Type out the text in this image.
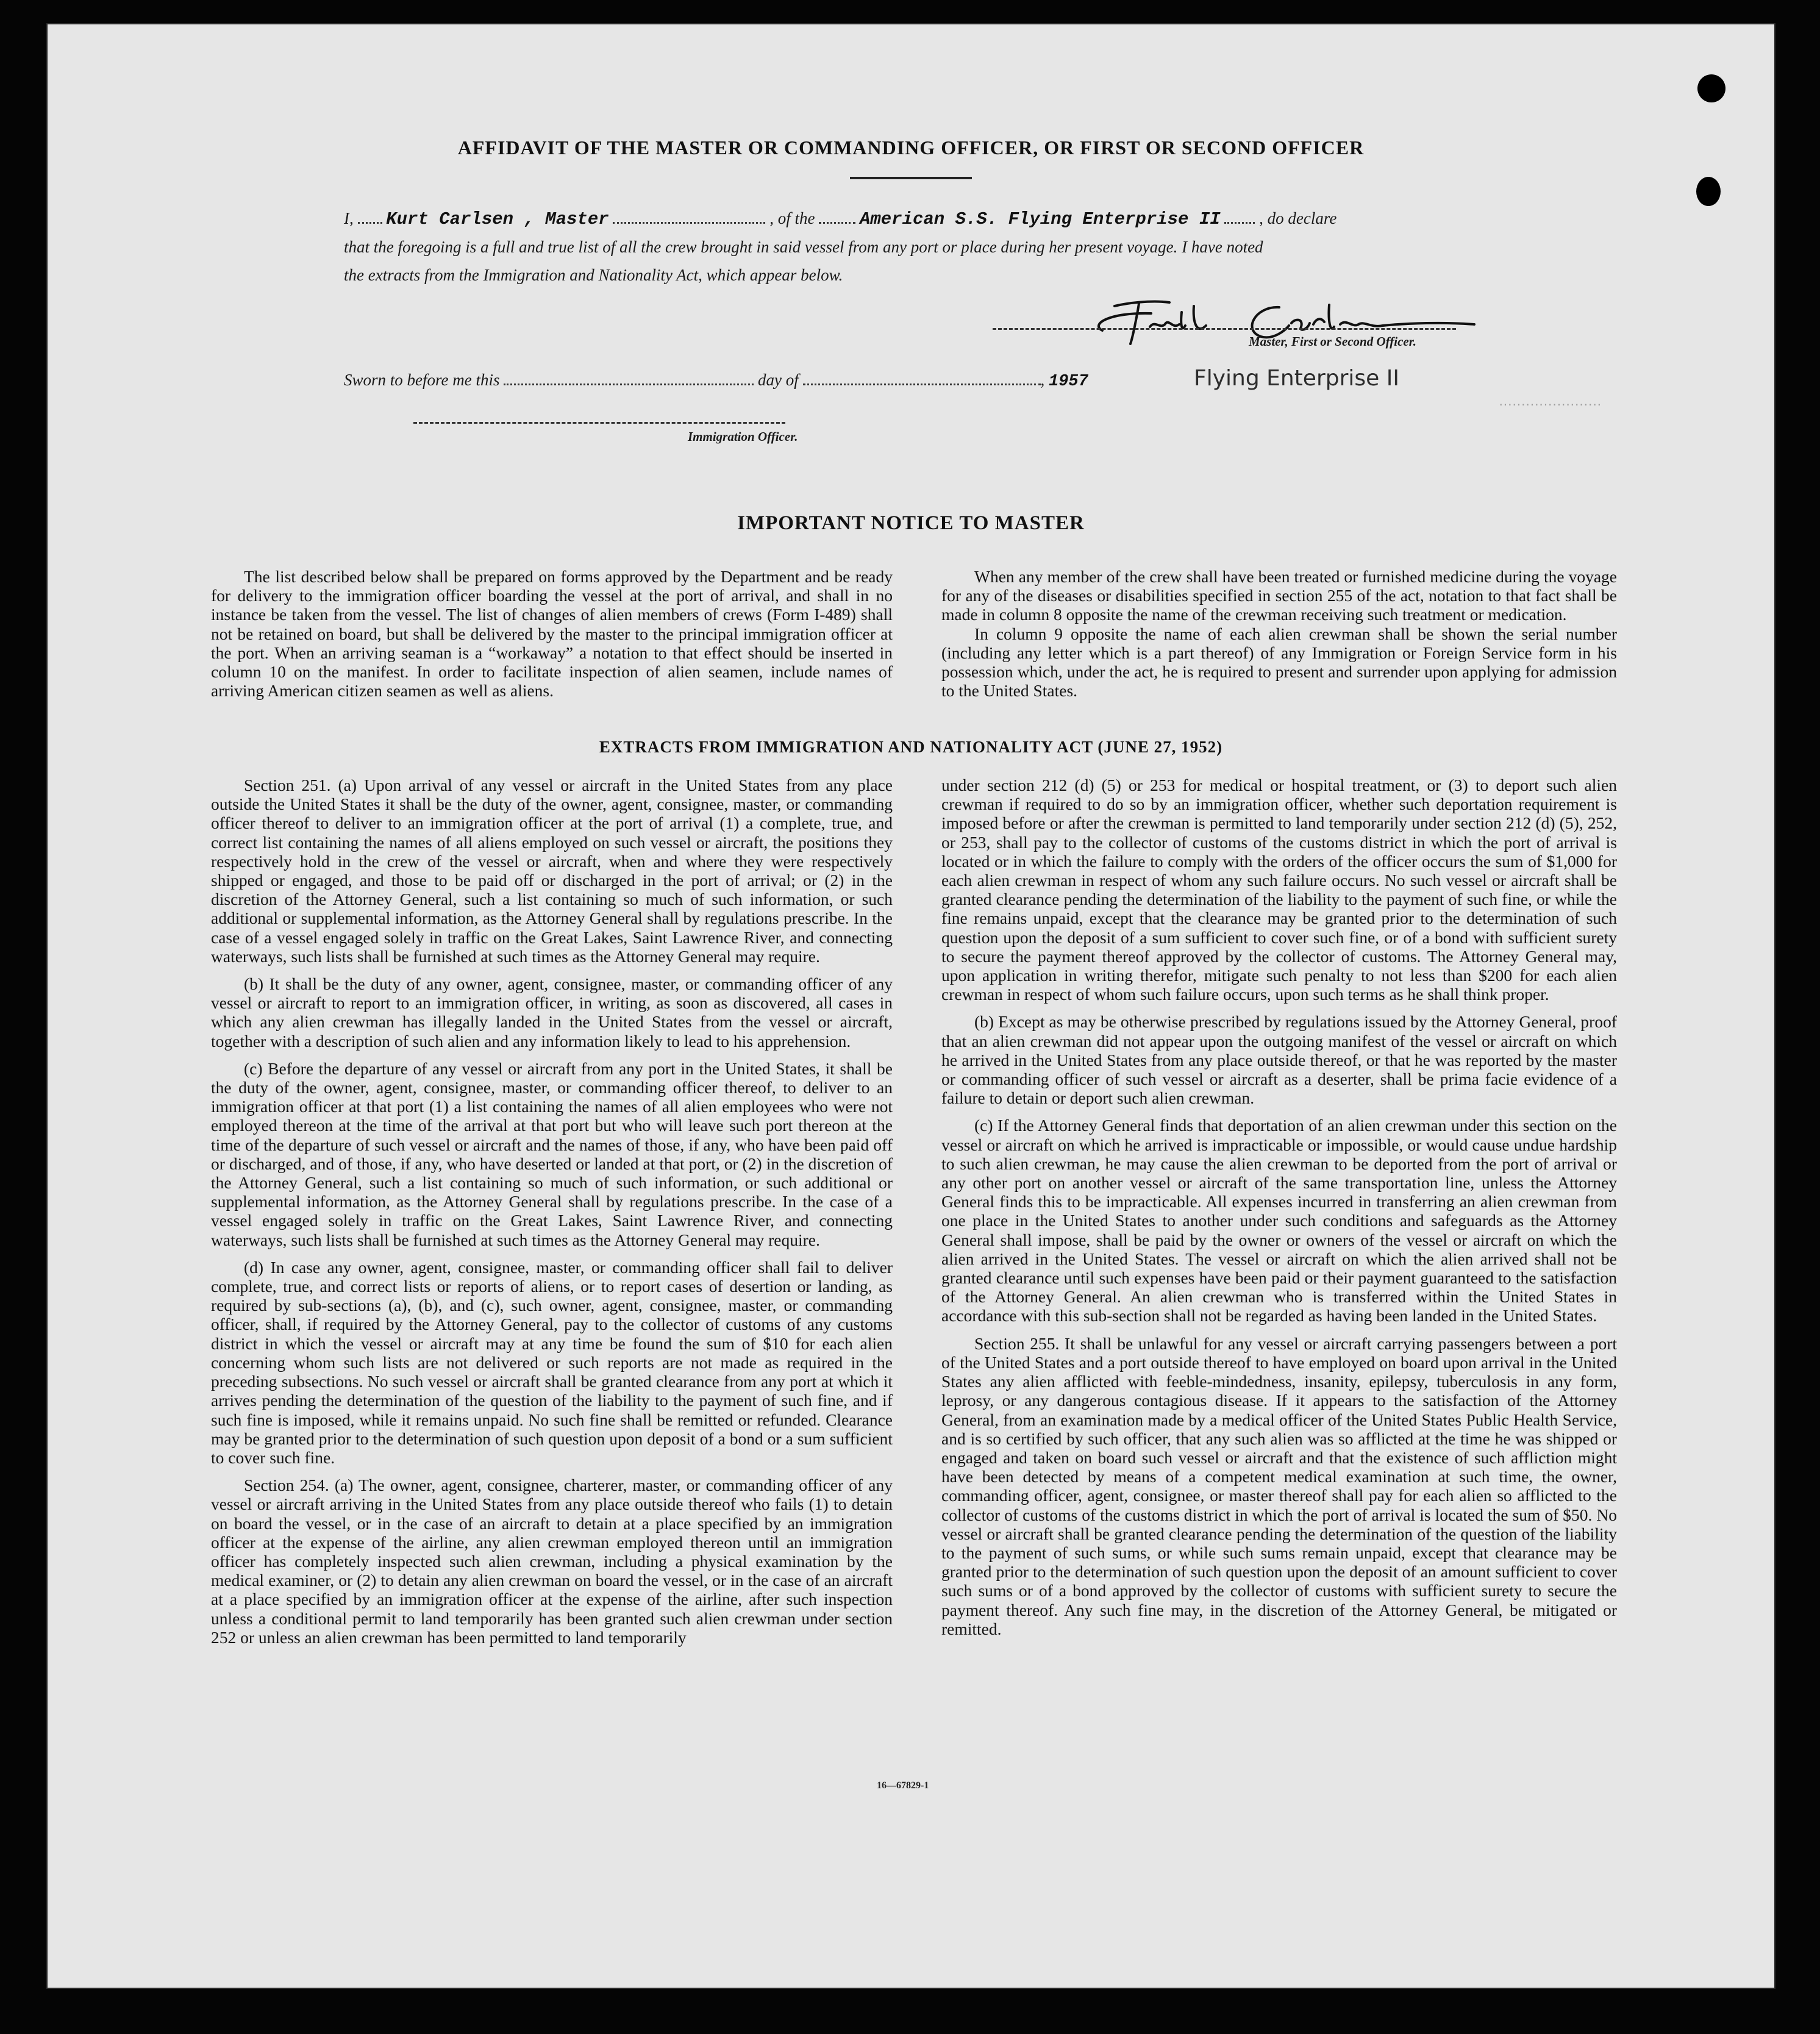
AFFIDAVIT OF THE MASTER OR COMMANDING OFFICER, OR FIRST OR SECOND OFFICER
I, Kurt Carlsen , Master	, of the	American S.S. Flying Enterprise II , do declare
that the foregoing is a full and true list of all the crew brought in said vessel from any port or place during her present voyage. I have noted
the extracts from the Immigration and Nationality Act, which appear below.
Master, First or Second Officer.
Sworn to before me this	day of	, 1957	Flying Enterprise II
Immigration Officer.
·······················
IMPORTANT NOTICE TO MASTER

The list described below shall be prepared on forms approved by the Department and be ready for delivery to the immigration officer boarding the vessel at the port of arrival, and shall in no instance be taken from the vessel. The list of changes of alien members of crews (Form I-489) shall not be retained on board, but shall be delivered by the master to the principal immigration officer at the port. When an arriving seaman is a “workaway” a notation to that effect should be inserted in column 10 on the manifest. In order to facilitate inspection of alien seamen, include names of arriving American citizen seamen as well as aliens.

When any member of the crew shall have been treated or furnished medicine during the voyage for any of the diseases or disabilities specified in section 255 of the act, notation to that fact shall be made in column 8 opposite the name of the crewman receiving such treatment or medication.

In column 9 opposite the name of each alien crewman shall be shown the serial number (including any letter which is a part thereof) of any Immigration or Foreign Service form in his possession which, under the act, he is required to present and surrender upon applying for admission to the United States.

EXTRACTS FROM IMMIGRATION AND NATIONALITY ACT (JUNE 27, 1952)

Section 251. (a) Upon arrival of any vessel or aircraft in the United States from any place outside the United States it shall be the duty of the owner, agent, consignee, master, or commanding officer thereof to deliver to an immigration officer at the port of arrival (1) a complete, true, and correct list containing the names of all aliens employed on such vessel or aircraft, the positions they respectively hold in the crew of the vessel or aircraft, when and where they were respectively shipped or engaged, and those to be paid off or discharged in the port of arrival; or (2) in the discretion of the Attorney General, such a list containing so much of such information, or such additional or supplemental information, as the Attorney General shall by regulations prescribe. In the case of a vessel engaged solely in traffic on the Great Lakes, Saint Lawrence River, and connecting waterways, such lists shall be furnished at such times as the Attorney General may require.

(b) It shall be the duty of any owner, agent, consignee, master, or commanding officer of any vessel or aircraft to report to an immigration officer, in writing, as soon as discovered, all cases in which any alien crewman has illegally landed in the United States from the vessel or aircraft, together with a description of such alien and any information likely to lead to his apprehension.

(c) Before the departure of any vessel or aircraft from any port in the United States, it shall be the duty of the owner, agent, consignee, master, or commanding officer thereof, to deliver to an immigration officer at that port (1) a list containing the names of all alien employees who were not employed thereon at the time of the arrival at that port but who will leave such port thereon at the time of the departure of such vessel or aircraft and the names of those, if any, who have been paid off or discharged, and of those, if any, who have deserted or landed at that port, or (2) in the discretion of the Attorney General, such a list containing so much of such information, or such additional or supplemental information, as the Attorney General shall by regulations prescribe. In the case of a vessel engaged solely in traffic on the Great Lakes, Saint Lawrence River, and connecting waterways, such lists shall be furnished at such times as the Attorney General may require.

(d) In case any owner, agent, consignee, master, or commanding officer shall fail to deliver complete, true, and correct lists or reports of aliens, or to report cases of desertion or landing, as required by sub-sections (a), (b), and (c), such owner, agent, consignee, master, or commanding officer, shall, if required by the Attorney General, pay to the collector of customs of any customs district in which the vessel or aircraft may at any time be found the sum of $10 for each alien concerning whom such lists are not delivered or such reports are not made as required in the preceding subsections. No such vessel or aircraft shall be granted clearance from any port at which it arrives pending the determination of the question of the liability to the payment of such fine, and if such fine is imposed, while it remains unpaid. No such fine shall be remitted or refunded. Clearance may be granted prior to the determination of such question upon deposit of a bond or a sum sufficient to cover such fine.

Section 254. (a) The owner, agent, consignee, charterer, master, or commanding officer of any vessel or aircraft arriving in the United States from any place outside thereof who fails (1) to detain on board the vessel, or in the case of an aircraft to detain at a place specified by an immigration officer at the expense of the airline, any alien crewman employed thereon until an immigration officer has completely inspected such alien crewman, including a physical examination by the medical examiner, or (2) to detain any alien crewman on board the vessel, or in the case of an aircraft at a place specified by an immigration officer at the expense of the airline, after such inspection unless a conditional permit to land temporarily has been granted such alien crewman under section 252 or unless an alien crewman has been permitted to land temporarily

under section 212 (d) (5) or 253 for medical or hospital treatment, or (3) to deport such alien crewman if required to do so by an immigration officer, whether such deportation requirement is imposed before or after the crewman is permitted to land temporarily under section 212 (d) (5), 252, or 253, shall pay to the collector of customs of the customs district in which the port of arrival is located or in which the failure to comply with the orders of the officer occurs the sum of $1,000 for each alien crewman in respect of whom any such failure occurs. No such vessel or aircraft shall be granted clearance pending the determination of the liability to the payment of such fine, or while the fine remains unpaid, except that the clearance may be granted prior to the determination of such question upon the deposit of a sum sufficient to cover such fine, or of a bond with sufficient surety to secure the payment thereof approved by the collector of customs. The Attorney General may, upon application in writing therefor, mitigate such penalty to not less than $200 for each alien crewman in respect of whom such failure occurs, upon such terms as he shall think proper.

(b) Except as may be otherwise prescribed by regulations issued by the Attorney General, proof that an alien crewman did not appear upon the outgoing manifest of the vessel or aircraft on which he arrived in the United States from any place outside thereof, or that he was reported by the master or commanding officer of such vessel or aircraft as a deserter, shall be prima facie evidence of a failure to detain or deport such alien crewman.

(c) If the Attorney General finds that deportation of an alien crewman under this section on the vessel or aircraft on which he arrived is impracticable or impossible, or would cause undue hardship to such alien crewman, he may cause the alien crewman to be deported from the port of arrival or any other port on another vessel or aircraft of the same transportation line, unless the Attorney General finds this to be impracticable. All expenses incurred in transferring an alien crewman from one place in the United States to another under such conditions and safeguards as the Attorney General shall impose, shall be paid by the owner or owners of the vessel or aircraft on which the alien arrived in the United States. The vessel or aircraft on which the alien arrived shall not be granted clearance until such expenses have been paid or their payment guaranteed to the satisfaction of the Attorney General. An alien crewman who is transferred within the United States in accordance with this sub-section shall not be regarded as having been landed in the United States.

Section 255. It shall be unlawful for any vessel or aircraft carrying passengers between a port of the United States and a port outside thereof to have employed on board upon arrival in the United States any alien afflicted with feeble-mindedness, insanity, epilepsy, tuberculosis in any form, leprosy, or any dangerous contagious disease. If it appears to the satisfaction of the Attorney General, from an examination made by a medical officer of the United States Public Health Service, and is so certified by such officer, that any such alien was so afflicted at the time he was shipped or engaged and taken on board such vessel or aircraft and that the existence of such affliction might have been detected by means of a competent medical examination at such time, the owner, commanding officer, agent, consignee, or master thereof shall pay for each alien so afflicted to the collector of customs of the customs district in which the port of arrival is located the sum of $50. No vessel or aircraft shall be granted clearance pending the determination of the question of the liability to the payment of such sums, or while such sums remain unpaid, except that clearance may be granted prior to the determination of such question upon the deposit of an amount sufficient to cover such sums or of a bond approved by the collector of customs with sufficient surety to secure the payment thereof. Any such fine may, in the discretion of the Attorney General, be mitigated or remitted.

16—67829-1
